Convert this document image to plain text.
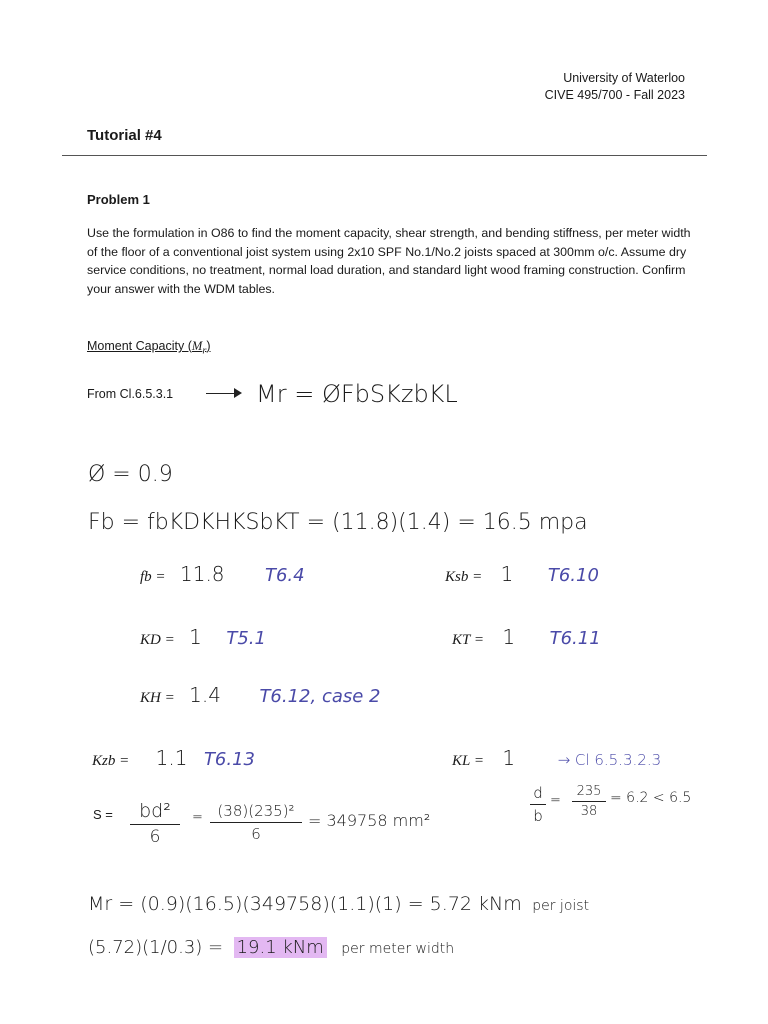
University of Waterloo
CIVE 495/700 - Fall 2023
Tutorial #4
Problem 1
Use the formulation in O86 to find the moment capacity, shear strength, and bending stiffness, per meter width of the floor of a conventional joist system using 2x10 SPF No.1/No.2 joists spaced at 300mm o/c. Assume dry service conditions, no treatment, normal load duration, and standard light wood framing construction. Confirm your answer with the WDM tables.
Moment Capacity $(M_r)$
From Cl.6.5.3.1	Mr = ØFbSKzbKL
Ø = 0.9
Fb = fbKDKHKSbKT = (11.8)(1.4) = 16.5 mpa
fb = 11.8 T6.4	Ksb = 1 T6.10
KD = 1 T5.1	KT = 1 T6.11
KH = 1.4 T6.12, case 2
Kzb = 1.1 T6.13	KL = 1	→ Cl 6.5.3.2.3
d
b
=
235
38
= 6.2 < 6.5
S =	bd²
6
= (38)(235)²
6
= 349758 mm²
Mr = (0.9)(16.5)(349758)(1.1)(1) = 5.72 kNm per joist
(5.72)(1/0.3) = 19.1 kNm per meter width
